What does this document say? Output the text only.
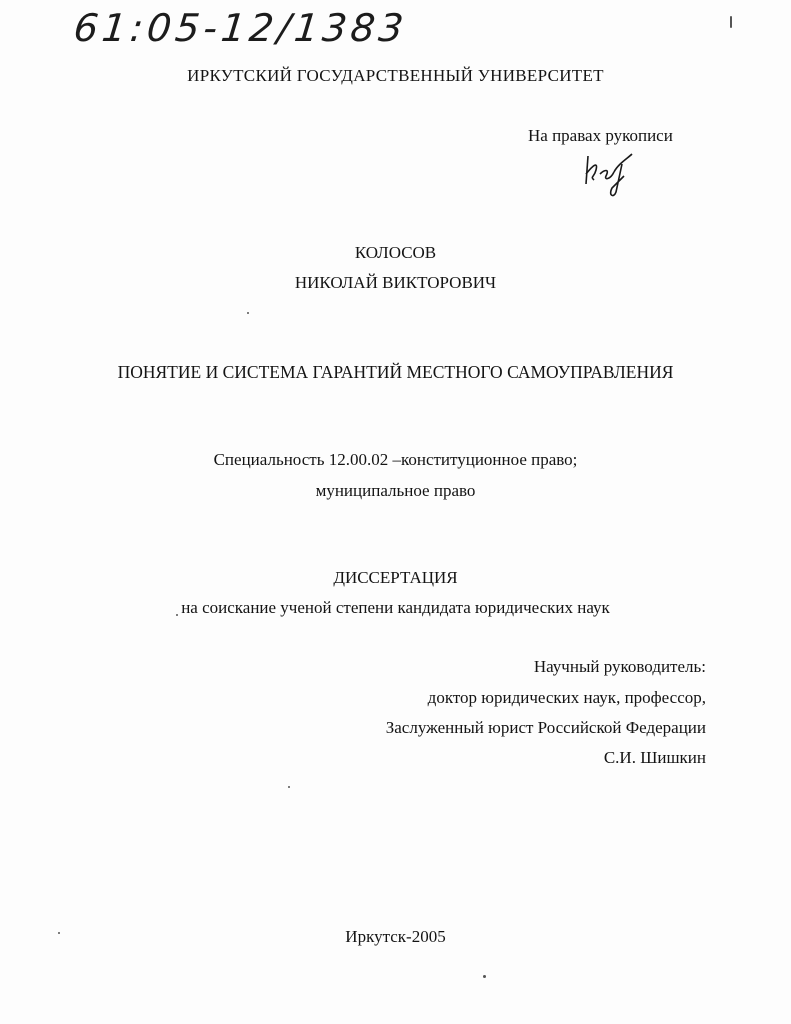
61:05-12/1383
ИРКУТСКИЙ ГОСУДАРСТВЕННЫЙ УНИВЕРСИТЕТ
На правах рукописи
КОЛОСОВ
НИКОЛАЙ ВИКТОРОВИЧ
ПОНЯТИЕ И СИСТЕМА ГАРАНТИЙ МЕСТНОГО САМОУПРАВЛЕНИЯ
Специальность 12.00.02 –конституционное право;
муниципальное право
ДИССЕРТАЦИЯ
на соискание ученой степени кандидата юридических наук
Научный руководитель:
доктор юридических наук, профессор,
Заслуженный юрист Российской Федерации
С.И. Шишкин
Иркутск-2005
